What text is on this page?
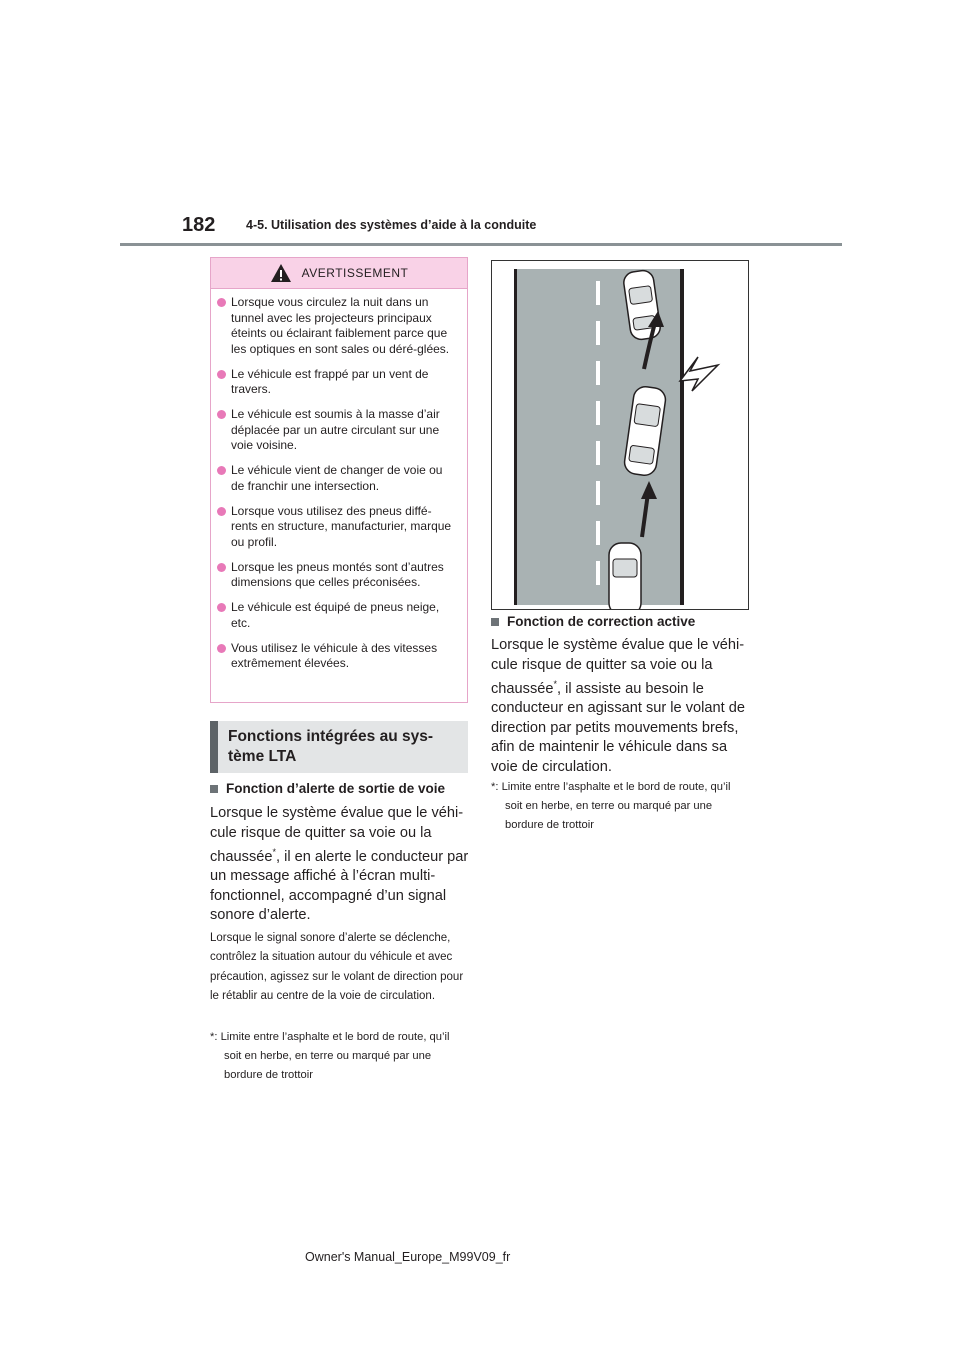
182 4-5. Utilisation des systèmes d’aide à la conduite
AVERTISSEMENT
Lorsque vous circulez la nuit dans un tunnel avec les projecteurs principaux éteints ou éclairant faiblement parce que les optiques en sont sales ou déré-glées.
Le véhicule est frappé par un vent de travers.
Le véhicule est soumis à la masse d’air déplacée par un autre circulant sur une voie voisine.
Le véhicule vient de changer de voie ou de franchir une intersection.
Lorsque vous utilisez des pneus diffé-rents en structure, manufacturier, marque ou profil.
Lorsque les pneus montés sont d’autres dimensions que celles préconisées.
Le véhicule est équipé de pneus neige, etc.
Vous utilisez le véhicule à des vitesses extrêmement élevées.
Fonctions intégrées au sys-tème LTA
Fonction d’alerte de sortie de voie
Lorsque le système évalue que le véhi-cule risque de quitter sa voie ou la chaussée*, il en alerte le conducteur par un message affiché à l’écran multi-fonctionnel, accompagné d’un signal sonore d’alerte.
Lorsque le signal sonore d’alerte se déclenche, contrôlez la situation autour du véhicule et avec précaution, agissez sur le volant de direction pour le rétablir au centre de la voie de circulation.
*: Limite entre l’asphalte et le bord de route, qu’il soit en herbe, en terre ou marqué par une bordure de trottoir
Fonction de correction active
Lorsque le système évalue que le véhi-cule risque de quitter sa voie ou la chaussée*, il assiste au besoin le conducteur en agissant sur le volant de direction par petits mouvements brefs, afin de maintenir le véhicule dans sa voie de circulation.
*: Limite entre l’asphalte et le bord de route, qu’il soit en herbe, en terre ou marqué par une bordure de trottoir
Owner's Manual_Europe_M99V09_fr
